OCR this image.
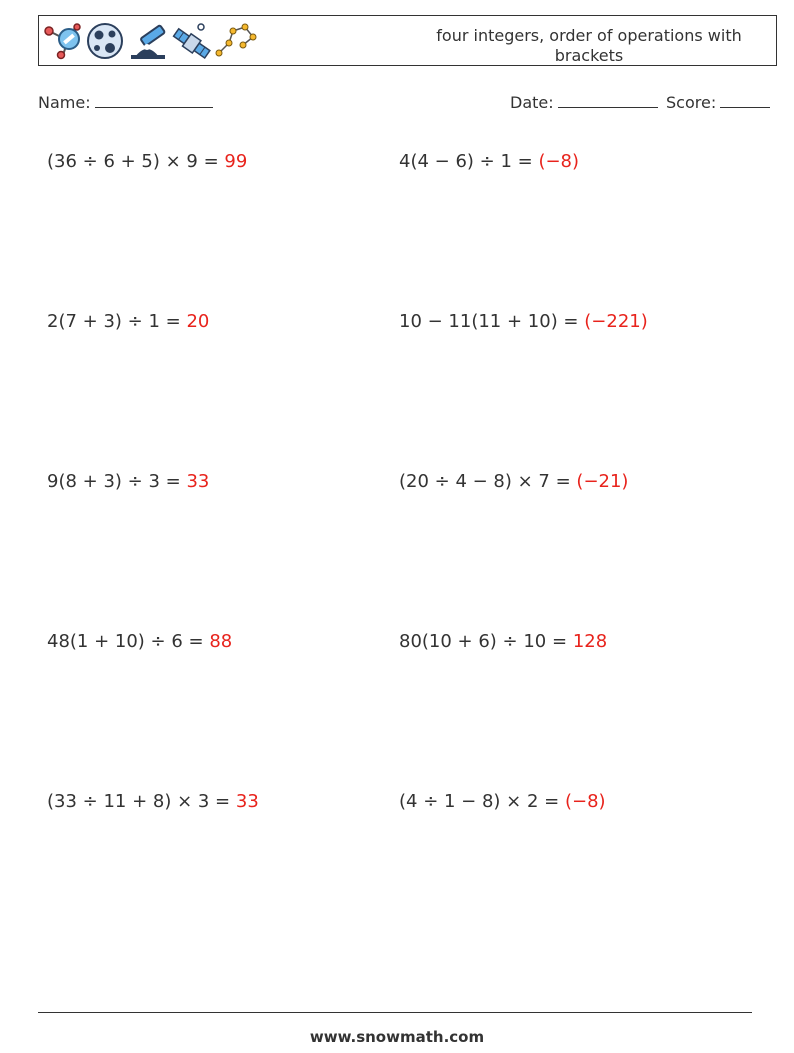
four integers, order of operations with brackets
Name:	Date:	Score:
(36 ÷ 6 + 5) × 9 = 99	4(4 − 6) ÷ 1 = (−8)
2(7 + 3) ÷ 1 = 20	10 − 11(11 + 10) = (−221)
9(8 + 3) ÷ 3 = 33	(20 ÷ 4 − 8) × 7 = (−21)
48(1 + 10) ÷ 6 = 88	80(10 + 6) ÷ 10 = 128
(33 ÷ 11 + 8) × 3 = 33	(4 ÷ 1 − 8) × 2 = (−8)
www.snowmath.com
